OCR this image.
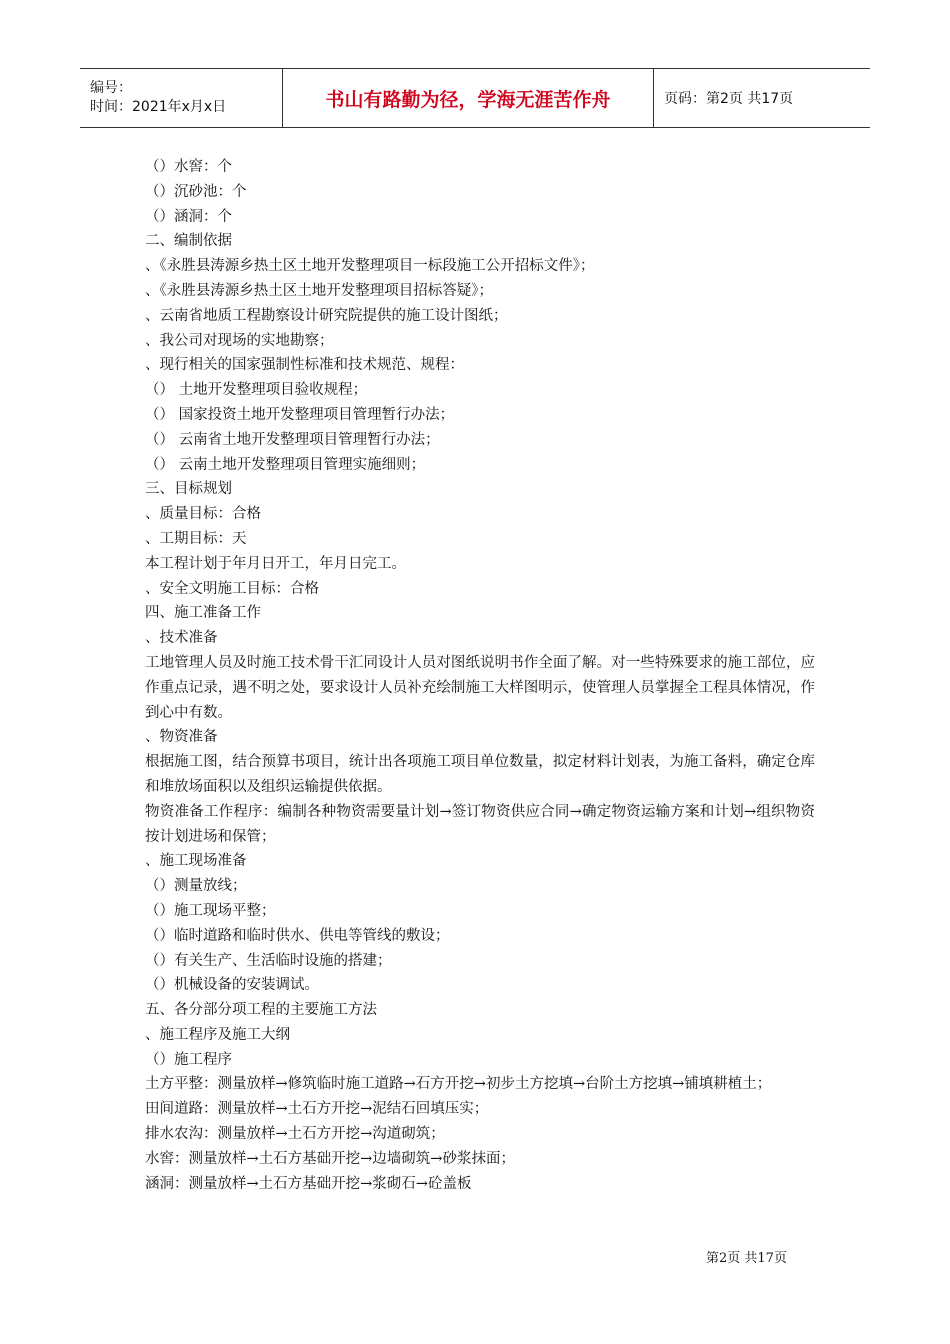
编号：
时间：2021年x月x日	书山有路勤为径，学海无涯苦作舟	页码：第2页 共17页
（）水窖：个
（）沉砂池：个
（）涵洞：个
二、编制依据
、《永胜县涛源乡热土区土地开发整理项目一标段施工公开招标文件》；
、《永胜县涛源乡热土区土地开发整理项目招标答疑》；
、云南省地质工程勘察设计研究院提供的施工设计图纸；
、我公司对现场的实地勘察；
、现行相关的国家强制性标准和技术规范、规程：
（） 土地开发整理项目验收规程；
（） 国家投资土地开发整理项目管理暂行办法；
（） 云南省土地开发整理项目管理暂行办法；
（） 云南土地开发整理项目管理实施细则；
三、目标规划
、质量目标：合格
、工期目标：天
本工程计划于年月日开工，年月日完工。
、安全文明施工目标：合格
四、施工准备工作
、技术准备
工地管理人员及时施工技术骨干汇同设计人员对图纸说明书作全面了解。对一些特殊要求的施工部位，应作重点记录，遇不明之处，要求设计人员补充绘制施工大样图明示，使管理人员掌握全工程具体情况，作到心中有数。
、物资准备
根据施工图，结合预算书项目，统计出各项施工项目单位数量，拟定材料计划表，为施工备料，确定仓库和堆放场面积以及组织运输提供依据。
物资准备工作程序：编制各种物资需要量计划→签订物资供应合同→确定物资运输方案和计划→组织物资按计划进场和保管；
、施工现场准备
（）测量放线；
（）施工现场平整；
（）临时道路和临时供水、供电等管线的敷设；
（）有关生产、生活临时设施的搭建；
（）机械设备的安装调试。
五、各分部分项工程的主要施工方法
、施工程序及施工大纲
（）施工程序
土方平整：测量放样→修筑临时施工道路→石方开挖→初步土方挖填→台阶土方挖填→铺填耕植土；
田间道路：测量放样→土石方开挖→泥结石回填压实；
排水农沟：测量放样→土石方开挖→沟道砌筑；
水窖：测量放样→土石方基础开挖→边墙砌筑→砂浆抹面；
涵洞：测量放样→土石方基础开挖→浆砌石→砼盖板
第2页 共17页
